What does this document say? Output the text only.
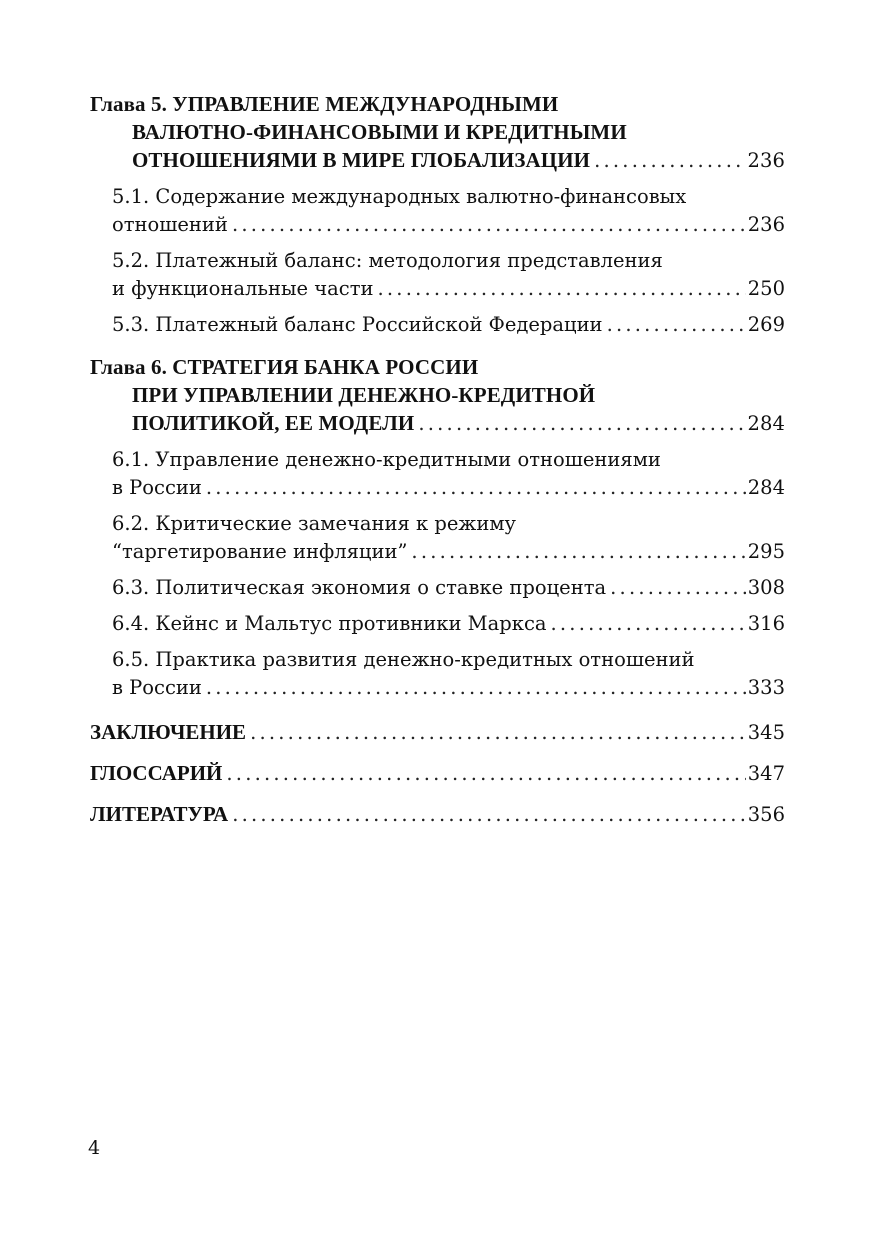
Глава 5. УПРАВЛЕНИЕ МЕЖДУНАРОДНЫМИ
ВАЛЮТНО-ФИНАНСОВЫМИ И КРЕДИТНЫМИ
ОТНОШЕНИЯМИ В МИРЕ ГЛОБАЛИЗАЦИИ .....	236
5.1. Содержание международных валютно-финансовых
отношений .....	236
5.2. Платежный баланс: методология представления
и функциональные части .....	250
5.3. Платежный баланс Российской Федерации .....	269
Глава 6. СТРАТЕГИЯ БАНКА РОССИИ
ПРИ УПРАВЛЕНИИ ДЕНЕЖНО-КРЕДИТНОЙ
ПОЛИТИКОЙ, ЕЕ МОДЕЛИ .....	284
6.1. Управление денежно-кредитными отношениями
в России .....	284
6.2. Критические замечания к режиму
“таргетирование инфляции” .....	295
6.3. Политическая экономия о ставке процента .....	308
6.4. Кейнс и Мальтус противники Маркса .....	316
6.5. Практика развития денежно-кредитных отношений
в России .....	333
ЗАКЛЮЧЕНИЕ .....	345
ГЛОССАРИЙ .....	347
ЛИТЕРАТУРА .....	356
4
